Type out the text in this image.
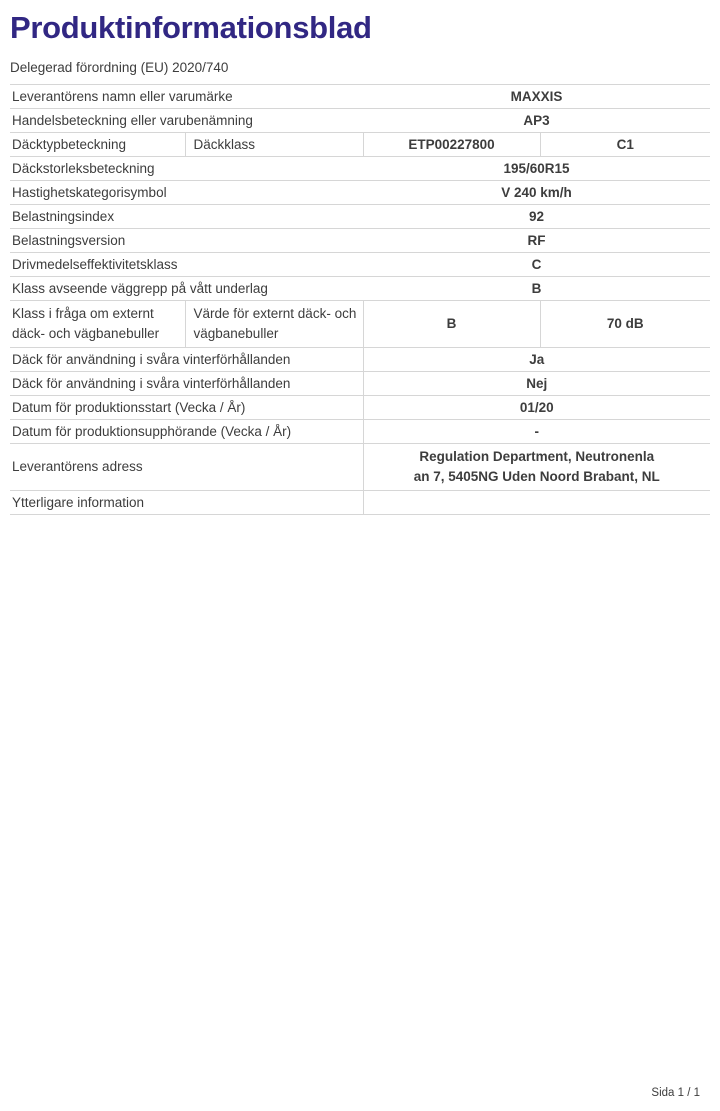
Produktinformationsblad
Delegerad förordning (EU) 2020/740
Leverantörens namn eller varumärke		MAXXIS	
Handelsbeteckning eller varubenämning		AP3	
Däcktypbeteckning	Däckklass	ETP00227800	C1
Däckstorleksbeteckning		195/60R15	
Hastighetskategorisymbol		V 240 km/h	
Belastningsindex		92	
Belastningsversion		RF	
Drivmedelseffektivitetsklass		C	
Klass avseende väggrepp på vått underlag		B	
Klass i fråga om externt däck- och vägbanebuller	Värde för externt däck- och vägbanebuller	B	70 dB
Däck för användning i svåra vinterförhållanden		Ja	
Däck för användning i svåra vinterförhållanden		Nej	
Datum för produktionsstart (Vecka / År)		01/20	
Datum för produktionsupphörande (Vecka / År)		-	
Leverantörens adress		Regulation Department, Neutronenla
an 7, 5405NG Uden Noord Brabant, NL	

Ytterligare information			
Sida 1 / 1
